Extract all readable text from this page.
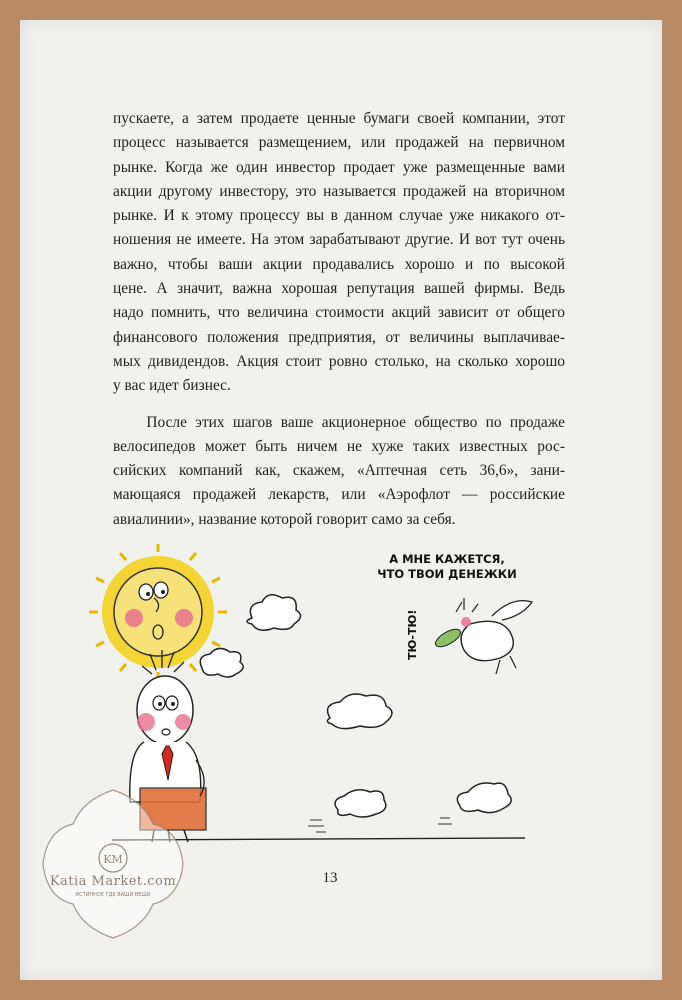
пускаете, а затем продаете ценные бумаги своей компании, этот
процесс называется размещением, или продажей на первичном
рынке. Когда же один инвестор продает уже размещенные вами
акции другому инвестору, это называется продажей на вторичном
рынке. И к этому процессу вы в данном случае уже никакого от-
ношения не имеете. На этом зарабатывают другие. И вот тут очень
важно, чтобы ваши акции продавались хорошо и по высокой
цене. А значит, важна хорошая репутация вашей фирмы. Ведь
надо помнить, что величина стоимости акций зависит от общего
финансового положения предприятия, от величины выплачивае-
мых дивидендов. Акция стоит ровно столько, на сколько хорошо
у вас идет бизнес.

После этих шагов ваше акционерное общество по продаже
велосипедов может быть ничем не хуже таких известных рос-
сийских компаний как, скажем, «Аптечная сеть 36,6», зани-
мающаяся продажей лекарств, или «Аэрофлот — российские
авиалинии», название которой говорит само за себя.

А МНЕ КАЖЕТСЯ,
ЧТО ТВОИ ДЕНЕЖКИ
ТЮ-ТЮ!
13
KM
Katia Market.com
ИСТИННОЕ ГДЕ ВАШИ ВЕЩИ
